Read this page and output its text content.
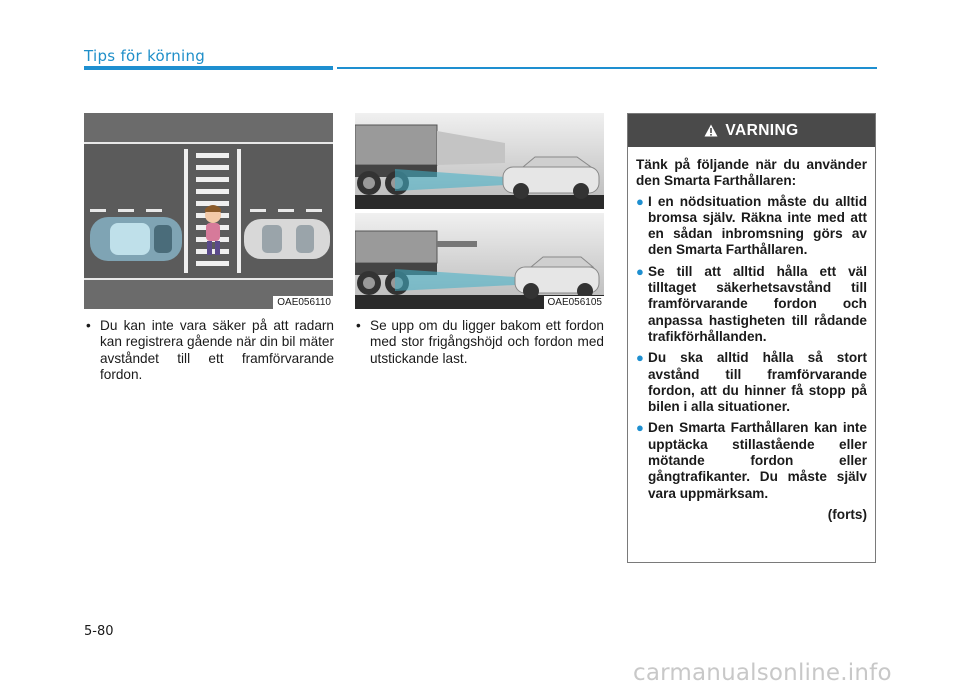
Tips för körning
OAE056110	OAE056105
• Du kan inte vara säker på att radarn kan registrera gående när din bil mäter avståndet till ett framförvarande fordon.
• Se upp om du ligger bakom ett fordon med stor frigångshöjd och fordon med utstickande last.
VARNING
Tänk på följande när du använder den Smarta Farthållaren:
● I en nödsituation måste du alltid bromsa själv. Räkna inte med att en sådan inbromsning görs av den Smarta Farthållaren.
● Se till att alltid hålla ett väl tilltaget säkerhetsavstånd till framförvarande fordon och anpassa hastigheten till rådande trafikförhållanden.
● Du ska alltid hålla så stort avstånd till framförvarande fordon, att du hinner få stopp på bilen i alla situationer.
● Den Smarta Farthållaren kan inte upptäcka stillastående eller mötande fordon eller gångtrafikanter. Du måste själv vara uppmärksam.
(forts)
5-80
carmanualsonline.info
